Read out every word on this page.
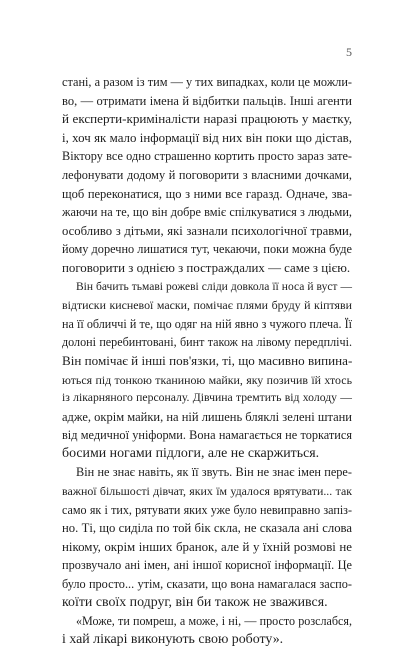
5
стані, а разом із тим — у тих випадках, коли це можли-
во, — отримати імена й відбитки пальців. Інші агенти
й експерти-криміналісти наразі працюють у маєтку,
і, хоч як мало інформації від них він поки що дістав,
Віктору все одно страшенно кортить просто зараз зате-
лефонувати додому й поговорити з власними дочками,
щоб переконатися, що з ними все гаразд. Одначе, зва-
жаючи на те, що він добре вміє спілкуватися з людьми,
особливо з дітьми, які зазнали психологічної травми,
йому доречно лишатися тут, чекаючи, поки можна буде
поговорити з однією з постраждалих — саме з цією.
Він бачить тьмаві рожеві сліди довкола її носа й вуст —
відтиски кисневої маски, помічає плями бруду й кіптяви
на її обличчі й те, що одяг на ній явно з чужого плеча. Її
долоні перебинтовані, бинт також на лівому передплічі.
Він помічає й інші пов'язки, ті, що масивно випина-
ються під тонкою тканиною майки, яку позичив їй хтось
із лікарняного персоналу. Дівчина тремтить від холоду —
адже, окрім майки, на ній лишень бляклі зелені штани
від медичної уніформи. Вона намагається не торкатися
босими ногами підлоги, але не скаржиться.
Він не знає навіть, як її звуть. Він не знає імен пере-
важної більшості дівчат, яких їм удалося врятувати... так
само як і тих, рятувати яких уже було невиправно запіз-
но. Ті, що сиділа по той бік скла, не сказала ані слова
нікому, окрім інших бранок, але й у їхній розмові не
прозвучало ані імен, ані іншої корисної інформації. Це
було просто... утім, сказати, що вона намагалася заспо-
коїти своїх подруг, він би також не зважився.
«Може, ти помреш, а може, і ні, — просто розслабся,
і хай лікарі виконують свою роботу».
